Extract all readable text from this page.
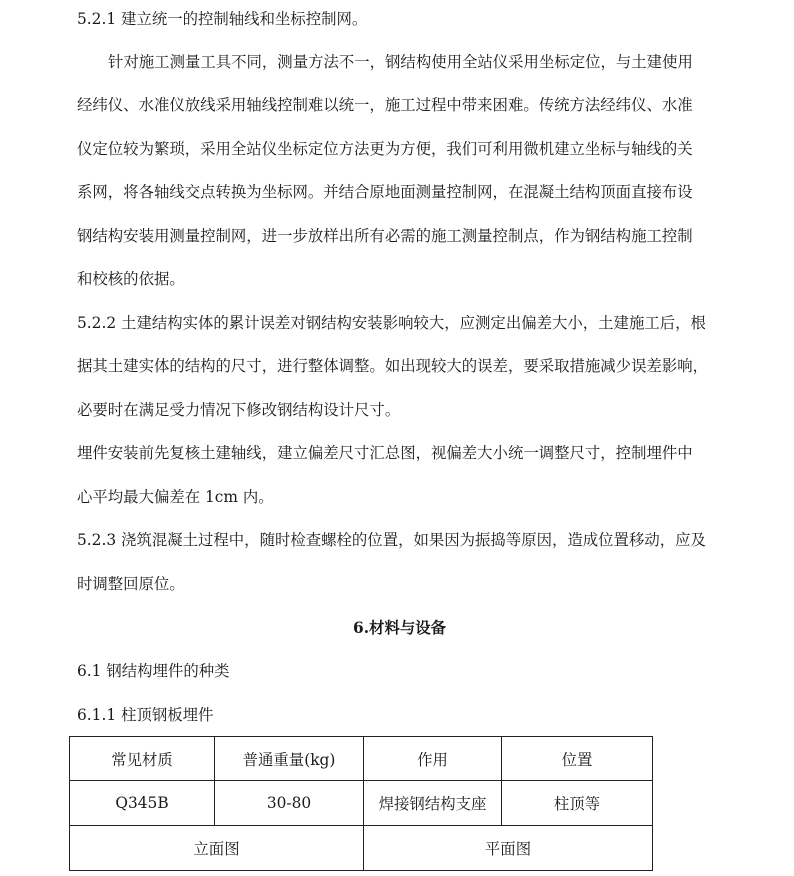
5.2.1 建立统一的控制轴线和坐标控制网。
针对施工测量工具不同，测量方法不一，钢结构使用全站仪采用坐标定位，与土建使用
经纬仪、水准仪放线采用轴线控制难以统一，施工过程中带来困难。传统方法经纬仪、水准
仪定位较为繁琐，采用全站仪坐标定位方法更为方便，我们可利用微机建立坐标与轴线的关
系网，将各轴线交点转换为坐标网。并结合原地面测量控制网，在混凝土结构顶面直接布设
钢结构安装用测量控制网，进一步放样出所有必需的施工测量控制点，作为钢结构施工控制
和校核的依据。
5.2.2 土建结构实体的累计误差对钢结构安装影响较大，应测定出偏差大小，土建施工后，根
据其土建实体的结构的尺寸，进行整体调整。如出现较大的误差，要采取措施减少误差影响，
必要时在满足受力情况下修改钢结构设计尺寸。
埋件安装前先复核土建轴线，建立偏差尺寸汇总图，视偏差大小统一调整尺寸，控制埋件中
心平均最大偏差在 1cm 内。
5.2.3 浇筑混凝土过程中，随时检查螺栓的位置，如果因为振捣等原因，造成位置移动，应及
时调整回原位。
6.材料与设备
6.1 钢结构埋件的种类
6.1.1 柱顶钢板埋件
常见材质	普通重量(kg)	作用	位置
Q345B	30-80	焊接钢结构支座	柱顶等
立面图		平面图	
